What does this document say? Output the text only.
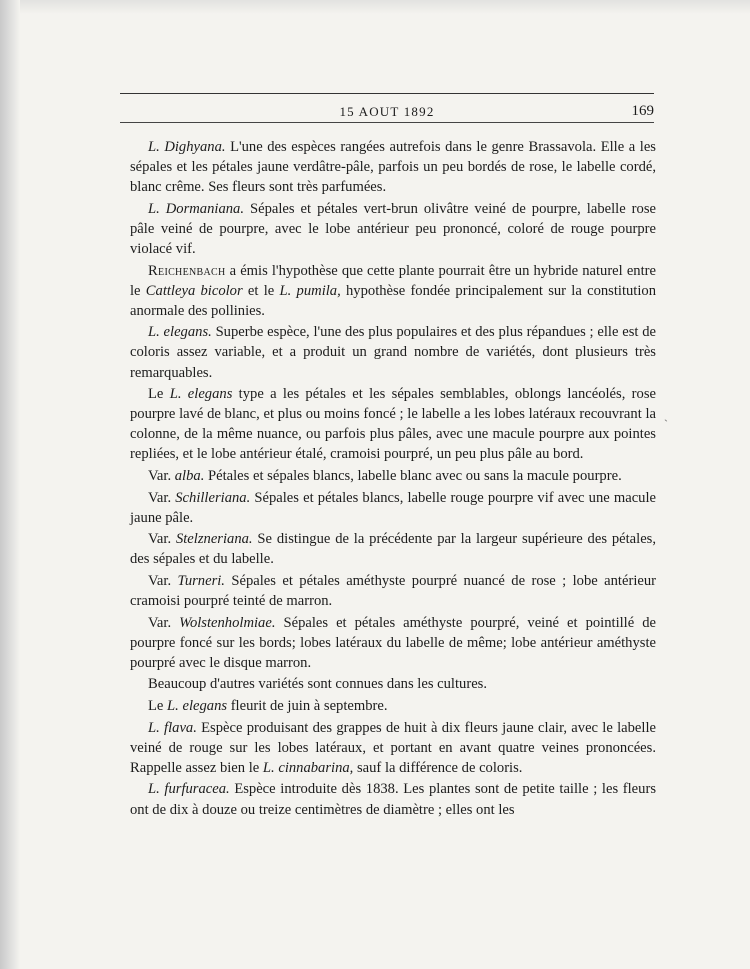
15 AOUT 1892	169
ˏ

L. Dighyana. L'une des espèces rangées autrefois dans le genre Brassavola. Elle a les sépales et les pétales jaune verdâtre-pâle, parfois un peu bordés de rose, le labelle cordé, blanc crême. Ses fleurs sont très parfumées.

L. Dormaniana. Sépales et pétales vert-brun olivâtre veiné de pourpre, labelle rose pâle veiné de pourpre, avec le lobe antérieur peu prononcé, coloré de rouge pourpre violacé vif.

Reichenbach a émis l'hypothèse que cette plante pourrait être un hybride naturel entre le Cattleya bicolor et le L. pumila, hypothèse fondée principalement sur la constitution anormale des pollinies.

L. elegans. Superbe espèce, l'une des plus populaires et des plus répandues ; elle est de coloris assez variable, et a produit un grand nombre de variétés, dont plusieurs très remarquables.

Le L. elegans type a les pétales et les sépales semblables, oblongs lancéolés, rose pourpre lavé de blanc, et plus ou moins foncé ; le labelle a les lobes latéraux recouvrant la colonne, de la même nuance, ou parfois plus pâles, avec une macule pourpre aux pointes repliées, et le lobe antérieur étalé, cramoisi pourpré, un peu plus pâle au bord.

Var. alba. Pétales et sépales blancs, labelle blanc avec ou sans la macule pourpre.

Var. Schilleriana. Sépales et pétales blancs, labelle rouge pourpre vif avec une macule jaune pâle.

Var. Stelzneriana. Se distingue de la précédente par la largeur supérieure des pétales, des sépales et du labelle.

Var. Turneri. Sépales et pétales améthyste pourpré nuancé de rose ; lobe antérieur cramoisi pourpré teinté de marron.

Var. Wolstenholmiae. Sépales et pétales améthyste pourpré, veiné et pointillé de pourpre foncé sur les bords; lobes latéraux du labelle de même; lobe antérieur améthyste pourpré avec le disque marron.

Beaucoup d'autres variétés sont connues dans les cultures.

Le L. elegans fleurit de juin à septembre.

L. flava. Espèce produisant des grappes de huit à dix fleurs jaune clair, avec le labelle veiné de rouge sur les lobes latéraux, et portant en avant quatre veines prononcées. Rappelle assez bien le L. cinnabarina, sauf la différence de coloris.

L. furfuracea. Espèce introduite dès 1838. Les plantes sont de petite taille ; les fleurs ont de dix à douze ou treize centimètres de diamètre ; elles ont les
